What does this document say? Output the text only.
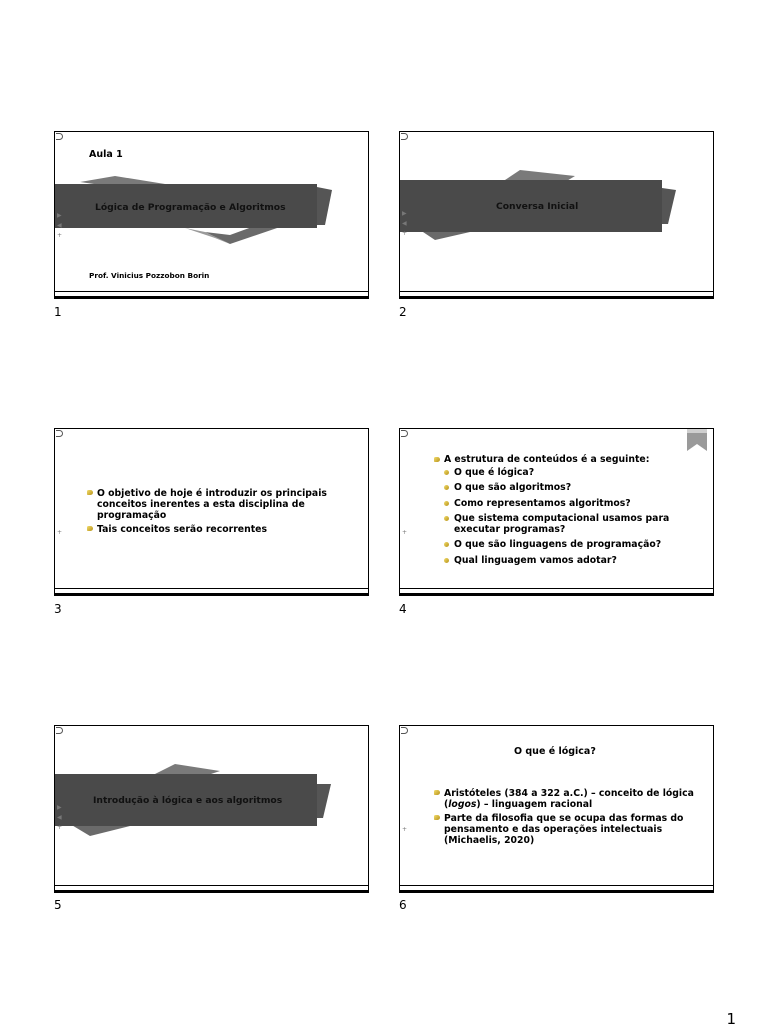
▶
◀
+
Aula 1
Lógica de Programação e Algoritmos
Prof. Vinicius Pozzobon Borin
1
▶
◀
+
Conversa Inicial
2
+
O objetivo de hoje é introduzir os principais conceitos inerentes a esta disciplina de programação
Tais conceitos serão recorrentes
3
+
A estrutura de conteúdos é a seguinte:
O que é lógica?
O que são algoritmos?
Como representamos algoritmos?
Que sistema computacional usamos para executar programas?
O que são linguagens de programação?
Qual linguagem vamos adotar?
4
▶
◀
+
Introdução à lógica e aos algoritmos
5
+
O que é lógica?
Aristóteles (384 a 322 a.C.) – conceito de lógica (logos) – linguagem racional
Parte da filosofia que se ocupa das formas do pensamento e das operações intelectuais (Michaelis, 2020)
6
1
